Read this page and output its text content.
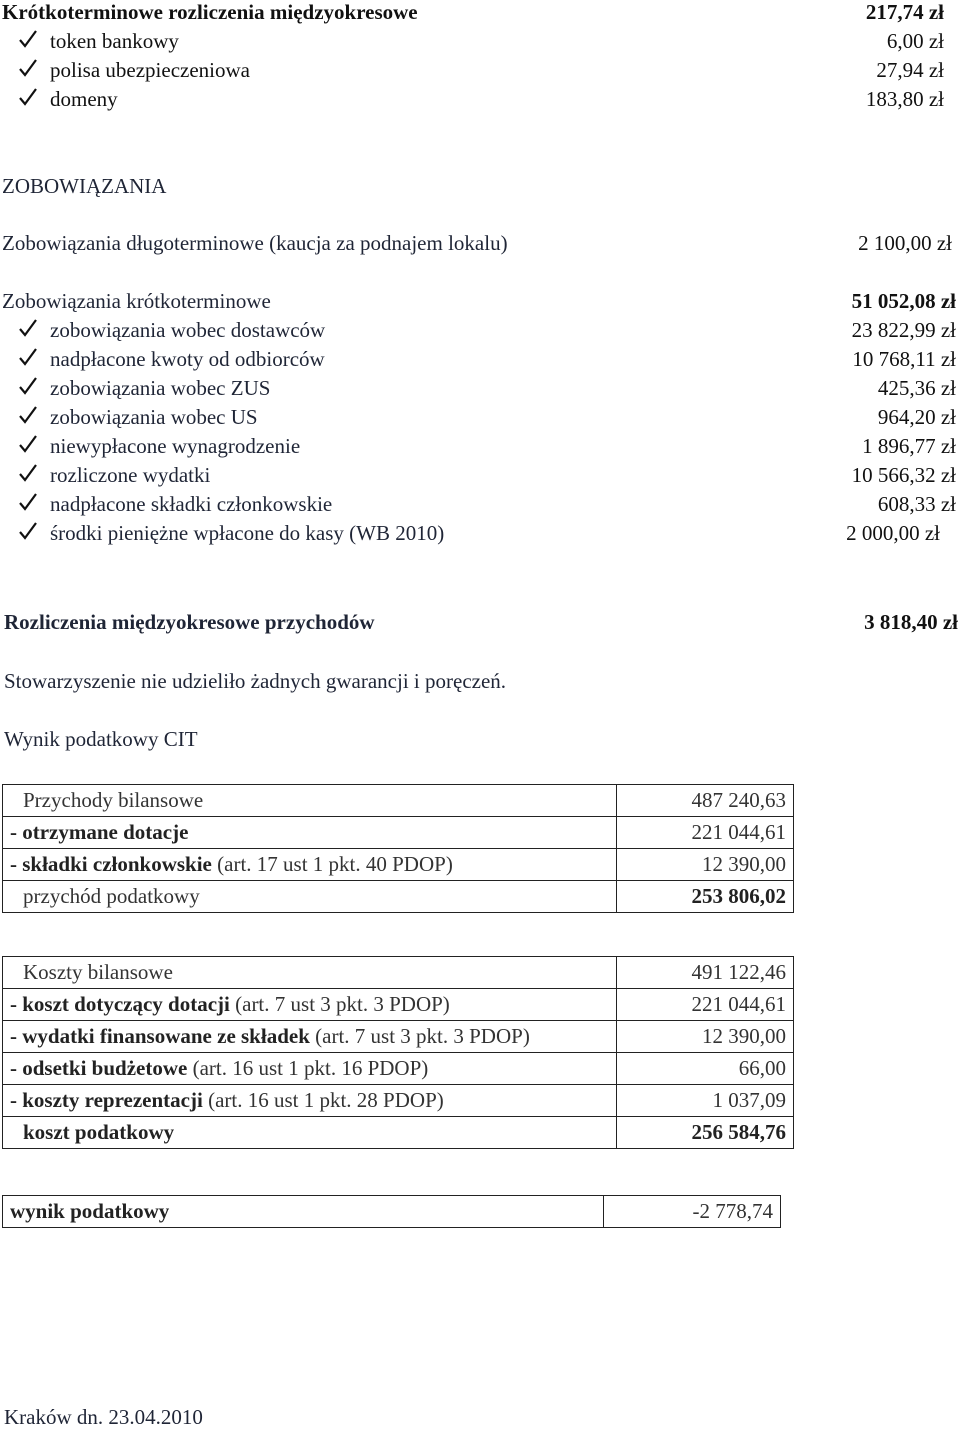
Krótkoterminowe rozliczenia międzyokresowe	217,74 zł
token bankowy	6,00 zł
polisa ubezpieczeniowa	27,94 zł
domeny	183,80 zł
ZOBOWIĄZANIA
Zobowiązania długoterminowe (kaucja za podnajem lokalu)	2 100,00 zł
Zobowiązania krótkoterminowe	51 052,08 zł
zobowiązania wobec dostawców	23 822,99 zł
nadpłacone kwoty od odbiorców	10 768,11 zł
zobowiązania wobec ZUS	425,36 zł
zobowiązania wobec US	964,20 zł
niewypłacone wynagrodzenie	1 896,77 zł
rozliczone wydatki	10 566,32 zł
nadpłacone składki członkowskie	608,33 zł
środki pieniężne wpłacone do kasy (WB 2010)	2 000,00 zł
Rozliczenia międzyokresowe przychodów	3 818,40 zł
Stowarzyszenie nie udzieliło żadnych gwarancji i poręczeń.
Wynik podatkowy CIT
Przychody bilansowe	487 240,63
- otrzymane dotacje	221 044,61
- składki członkowskie (art. 17 ust 1 pkt. 40 PDOP)	12 390,00
przychód podatkowy	253 806,02
Koszty bilansowe	491 122,46
- koszt dotyczący dotacji (art. 7 ust 3 pkt. 3 PDOP)	221 044,61
- wydatki finansowane ze składek (art. 7 ust 3 pkt. 3 PDOP)	12 390,00
- odsetki budżetowe (art. 16 ust 1 pkt. 16 PDOP)	66,00
- koszty reprezentacji (art. 16 ust 1 pkt. 28 PDOP)	1 037,09
koszt podatkowy	256 584,76
wynik podatkowy	-2 778,74
Kraków dn. 23.04.2010
